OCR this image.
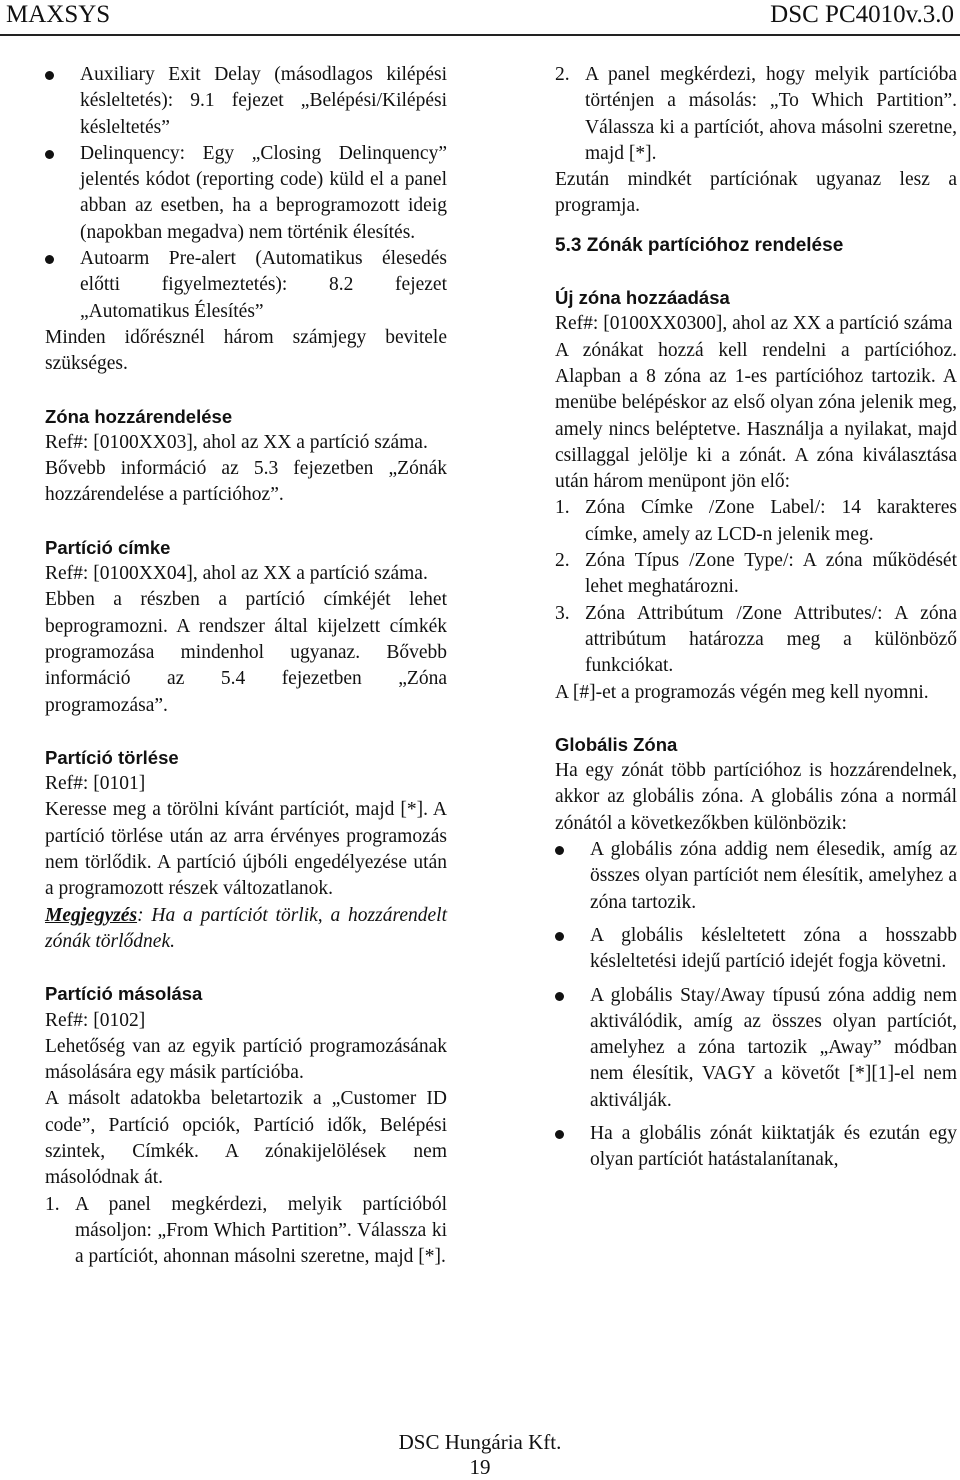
MAXSYS	DSC PC4010v.3.0
Auxiliary Exit Delay (másodlagos kilépési késleltetés): 9.1 fejezet „Belépési/Kilépési késleltetés”
Delinquency: Egy „Closing Delinquency” jelentés kódot (reporting code) küld el a panel abban az esetben, ha a beprogramozott ideig (napokban megadva) nem történik élesítés.
Autoarm Pre-alert (Automatikus élesedés előtti figyelmeztetés): 8.2 fejezet „Automatikus Élesítés”

Minden időrésznél három számjegy bevitele szükséges.

Zóna hozzárendelése

Ref#: [0100XX03], ahol az XX a partíció száma.

Bővebb információ az 5.3 fejezetben „Zónák hozzárendelése a partícióhoz”.

Partíció címke

Ref#: [0100XX04], ahol az XX a partíció száma.

Ebben a részben a partíció címkéjét lehet beprogramozni. A rendszer által kijelzett címkék programozása mindenhol ugyanaz. Bővebb információ az 5.4 fejezetben „Zóna programozása”.

Partíció törlése

Ref#: [0101]

Keresse meg a törölni kívánt partíciót, majd [*]. A partíció törlése után az arra érvényes programozás nem törlődik. A partíció újbóli engedélyezése után a programozott részek változatlanok.

Megjegyzés: Ha a partíciót törlik, a hozzárendelt zónák törlődnek.

Partíció másolása

Ref#: [0102]

Lehetőség van az egyik partíció programozásának másolására egy másik partícióba.

A másolt adatokba beletartozik a „Customer ID code”, Partíció opciók, Partíció idők, Belépési szintek, Címkék. A zónakijelölések nem másolódnak át.

1. A panel megkérdezi, melyik partícióból másoljon: „From Which Partition”. Válassza ki a partíciót, ahonnan másolni szeretne, majd [*].
2. A panel megkérdezi, hogy melyik partícióba történjen a másolás: „To Which Partition”. Válassza ki a partíciót, ahova másolni szeretne, majd [*].

Ezután mindkét partíciónak ugyanaz lesz a programja.

5.3 Zónák partícióhoz rendelése

Új zóna hozzáadása

Ref#: [0100XX0300], ahol az XX a partíció száma

A zónákat hozzá kell rendelni a partícióhoz. Alapban a 8 zóna az 1-es partícióhoz tartozik. A menübe belépéskor az első olyan zóna jelenik meg, amely nincs beléptetve. Használja a nyilakat, majd csillaggal jelölje ki a zónát. A zóna kiválasztása után három menüpont jön elő:

1. Zóna Címke /Zone Label/: 14 karakteres címke, amely az LCD-n jelenik meg.
2. Zóna Típus /Zone Type/: A zóna működését lehet meghatározni.
3. Zóna Attribútum /Zone Attributes/: A zóna attribútum határozza meg a különböző funkciókat.

A [#]-et a programozás végén meg kell nyomni.

Globális Zóna

Ha egy zónát több partícióhoz is hozzárendelnek, akkor az globális zóna. A globális zóna a normál zónától a következőkben különbözik:

A globális zóna addig nem élesedik, amíg az összes olyan partíciót nem élesítik, amelyhez a zóna tartozik.
A globális késleltetett zóna a hosszabb késleltetési idejű partíció idejét fogja követni.
A globális Stay/Away típusú zóna addig nem aktiválódik, amíg az összes olyan partíciót, amelyhez a zóna tartozik „Away” módban nem élesítik, VAGY a követőt [*][1]-el nem aktiválják.
Ha a globális zónát kiiktatják és ezután egy olyan partíciót hatástalanítanak,
DSC Hungária Kft.
19
